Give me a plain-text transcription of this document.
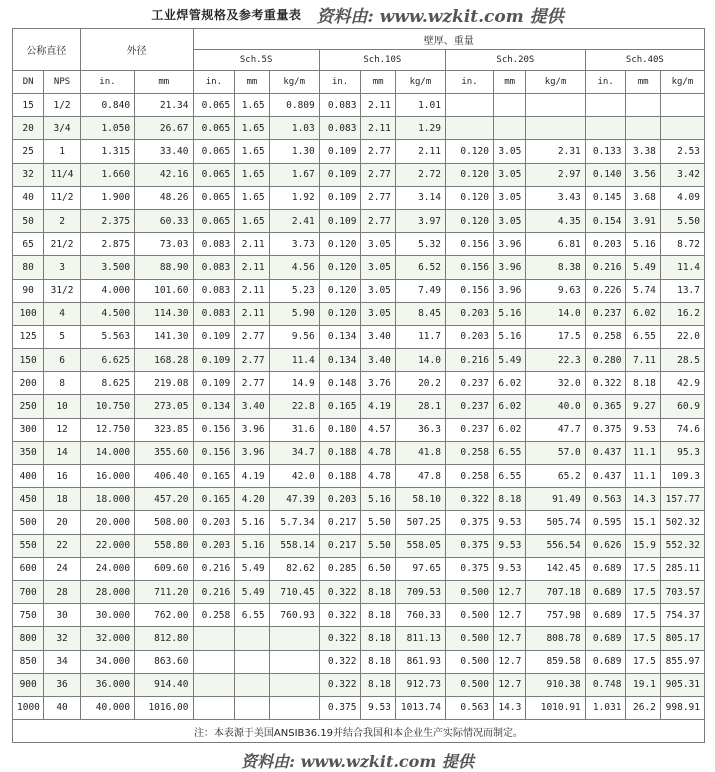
工业焊管规格及参考重量表 资料由: www.wzkit.com 提供
公称直径		外径		壁厚、重量											
				Sch.5S			Sch.10S			Sch.20S			Sch.40S		
DN	NPS	in.	mm	in.	mm	kg/m	in.	mm	kg/m	in.	mm	kg/m	in.	mm	kg/m
15	1/2	0.840	21.34	0.065	1.65	0.809	0.083	2.11	1.01						
20	3/4	1.050	26.67	0.065	1.65	1.03	0.083	2.11	1.29						
25	1	1.315	33.40	0.065	1.65	1.30	0.109	2.77	2.11	0.120	3.05	2.31	0.133	3.38	2.53
32	11/4	1.660	42.16	0.065	1.65	1.67	0.109	2.77	2.72	0.120	3.05	2.97	0.140	3.56	3.42
40	11/2	1.900	48.26	0.065	1.65	1.92	0.109	2.77	3.14	0.120	3.05	3.43	0.145	3.68	4.09
50	2	2.375	60.33	0.065	1.65	2.41	0.109	2.77	3.97	0.120	3.05	4.35	0.154	3.91	5.50
65	21/2	2.875	73.03	0.083	2.11	3.73	0.120	3.05	5.32	0.156	3.96	6.81	0.203	5.16	8.72
80	3	3.500	88.90	0.083	2.11	4.56	0.120	3.05	6.52	0.156	3.96	8.38	0.216	5.49	11.4
90	31/2	4.000	101.60	0.083	2.11	5.23	0.120	3.05	7.49	0.156	3.96	9.63	0.226	5.74	13.7
100	4	4.500	114.30	0.083	2.11	5.90	0.120	3.05	8.45	0.203	5.16	14.0	0.237	6.02	16.2
125	5	5.563	141.30	0.109	2.77	9.56	0.134	3.40	11.7	0.203	5.16	17.5	0.258	6.55	22.0
150	6	6.625	168.28	0.109	2.77	11.4	0.134	3.40	14.0	0.216	5.49	22.3	0.280	7.11	28.5
200	8	8.625	219.08	0.109	2.77	14.9	0.148	3.76	20.2	0.237	6.02	32.0	0.322	8.18	42.9
250	10	10.750	273.05	0.134	3.40	22.8	0.165	4.19	28.1	0.237	6.02	40.0	0.365	9.27	60.9
300	12	12.750	323.85	0.156	3.96	31.6	0.180	4.57	36.3	0.237	6.02	47.7	0.375	9.53	74.6
350	14	14.000	355.60	0.156	3.96	34.7	0.188	4.78	41.8	0.258	6.55	57.0	0.437	11.1	95.3
400	16	16.000	406.40	0.165	4.19	42.0	0.188	4.78	47.8	0.258	6.55	65.2	0.437	11.1	109.3
450	18	18.000	457.20	0.165	4.20	47.39	0.203	5.16	58.10	0.322	8.18	91.49	0.563	14.3	157.77
500	20	20.000	508.00	0.203	5.16	5.7.34	0.217	5.50	507.25	0.375	9.53	505.74	0.595	15.1	502.32
550	22	22.000	558.80	0.203	5.16	558.14	0.217	5.50	558.05	0.375	9.53	556.54	0.626	15.9	552.32
600	24	24.000	609.60	0.216	5.49	82.62	0.285	6.50	97.65	0.375	9.53	142.45	0.689	17.5	285.11
700	28	28.000	711.20	0.216	5.49	710.45	0.322	8.18	709.53	0.500	12.7	707.18	0.689	17.5	703.57
750	30	30.000	762.00	0.258	6.55	760.93	0.322	8.18	760.33	0.500	12.7	757.98	0.689	17.5	754.37
800	32	32.000	812.80				0.322	8.18	811.13	0.500	12.7	808.78	0.689	17.5	805.17
850	34	34.000	863.60				0.322	8.18	861.93	0.500	12.7	859.58	0.689	17.5	855.97
900	36	36.000	914.40				0.322	8.18	912.73	0.500	12.7	910.38	0.748	19.1	905.31
1000	40	40.000	1016.00				0.375	9.53	1013.74	0.563	14.3	1010.91	1.031	26.2	998.91
注：本表源于美国ANSIB36.19并结合我国和本企业生产实际情况而制定。															
资料由: www.wzkit.com 提供
